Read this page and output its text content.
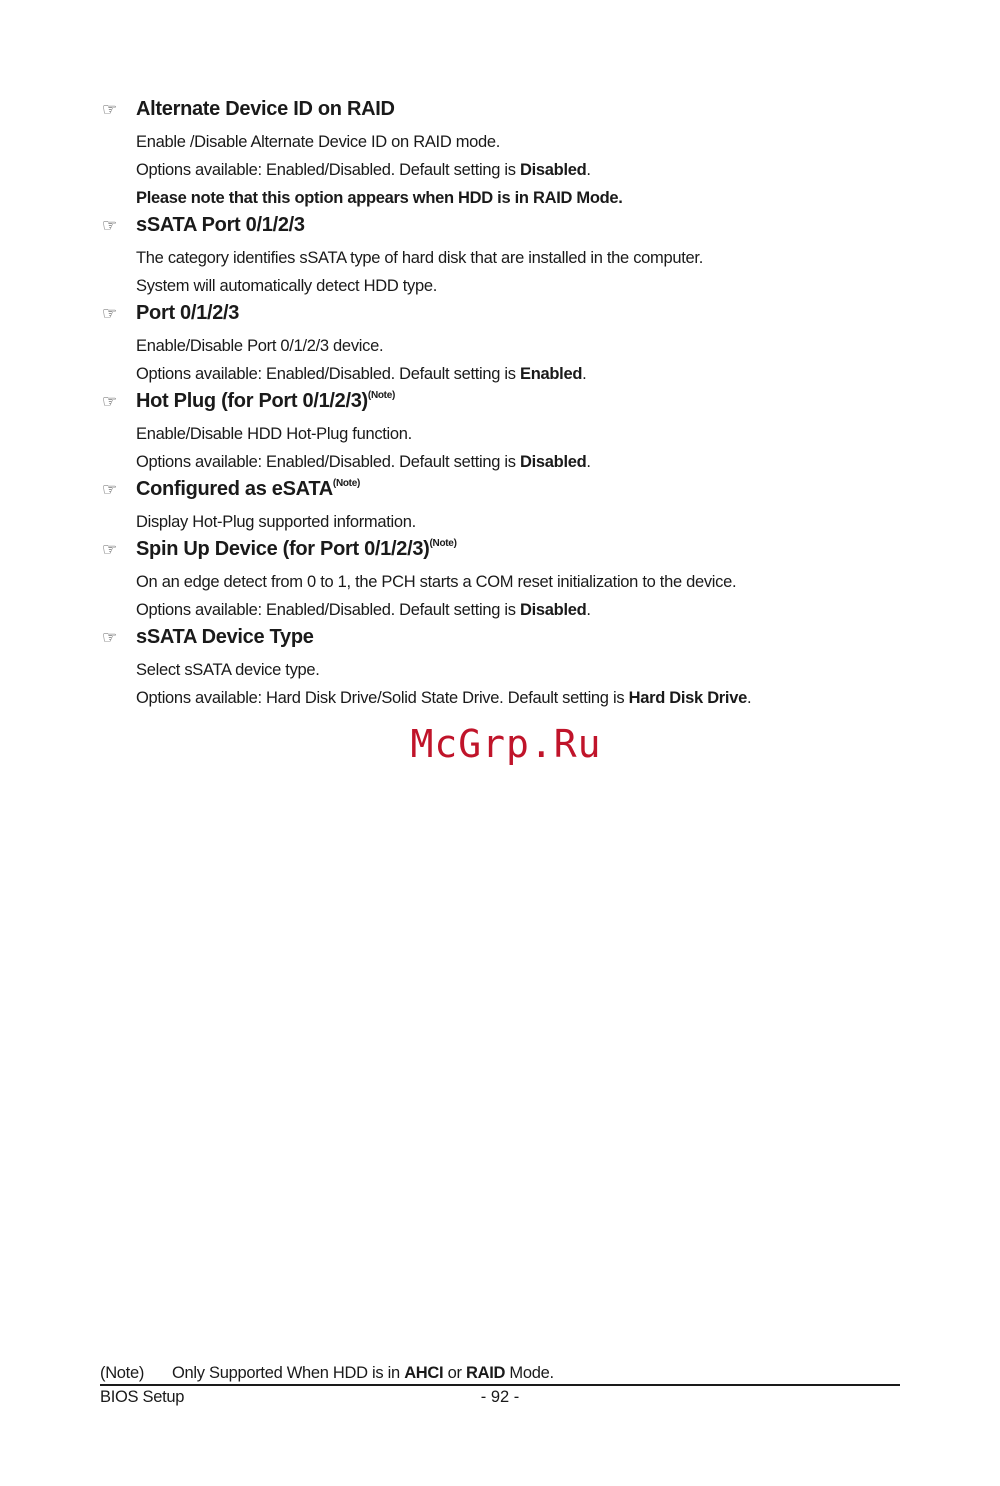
☞ Alternate Device ID on RAID
Enable /Disable Alternate Device ID on RAID mode.
Options available: Enabled/Disabled. Default setting is Disabled.
Please note that this option appears when HDD is in RAID Mode.
☞ sSATA Port 0/1/2/3
The category identifies sSATA type of hard disk that are installed in the computer.
System will automatically detect HDD type.
☞ Port 0/1/2/3
Enable/Disable Port 0/1/2/3 device.
Options available: Enabled/Disabled. Default setting is Enabled.
☞ Hot Plug (for Port 0/1/2/3)$^{(Note)}$
Enable/Disable HDD Hot-Plug function.
Options available: Enabled/Disabled. Default setting is Disabled.
☞ Configured as eSATA$^{(Note)}$
Display Hot-Plug supported information.
☞ Spin Up Device (for Port 0/1/2/3)$^{(Note)}$
On an edge detect from 0 to 1, the PCH starts a COM reset initialization to the device.
Options available: Enabled/Disabled. Default setting is Disabled.
☞ sSATA Device Type
Select sSATA device type.
Options available: Hard Disk Drive/Solid State Drive. Default setting is Hard Disk Drive.
McGrp.Ru
(Note) Only Supported When HDD is in AHCI or RAID Mode.
BIOS Setup	- 92 -
